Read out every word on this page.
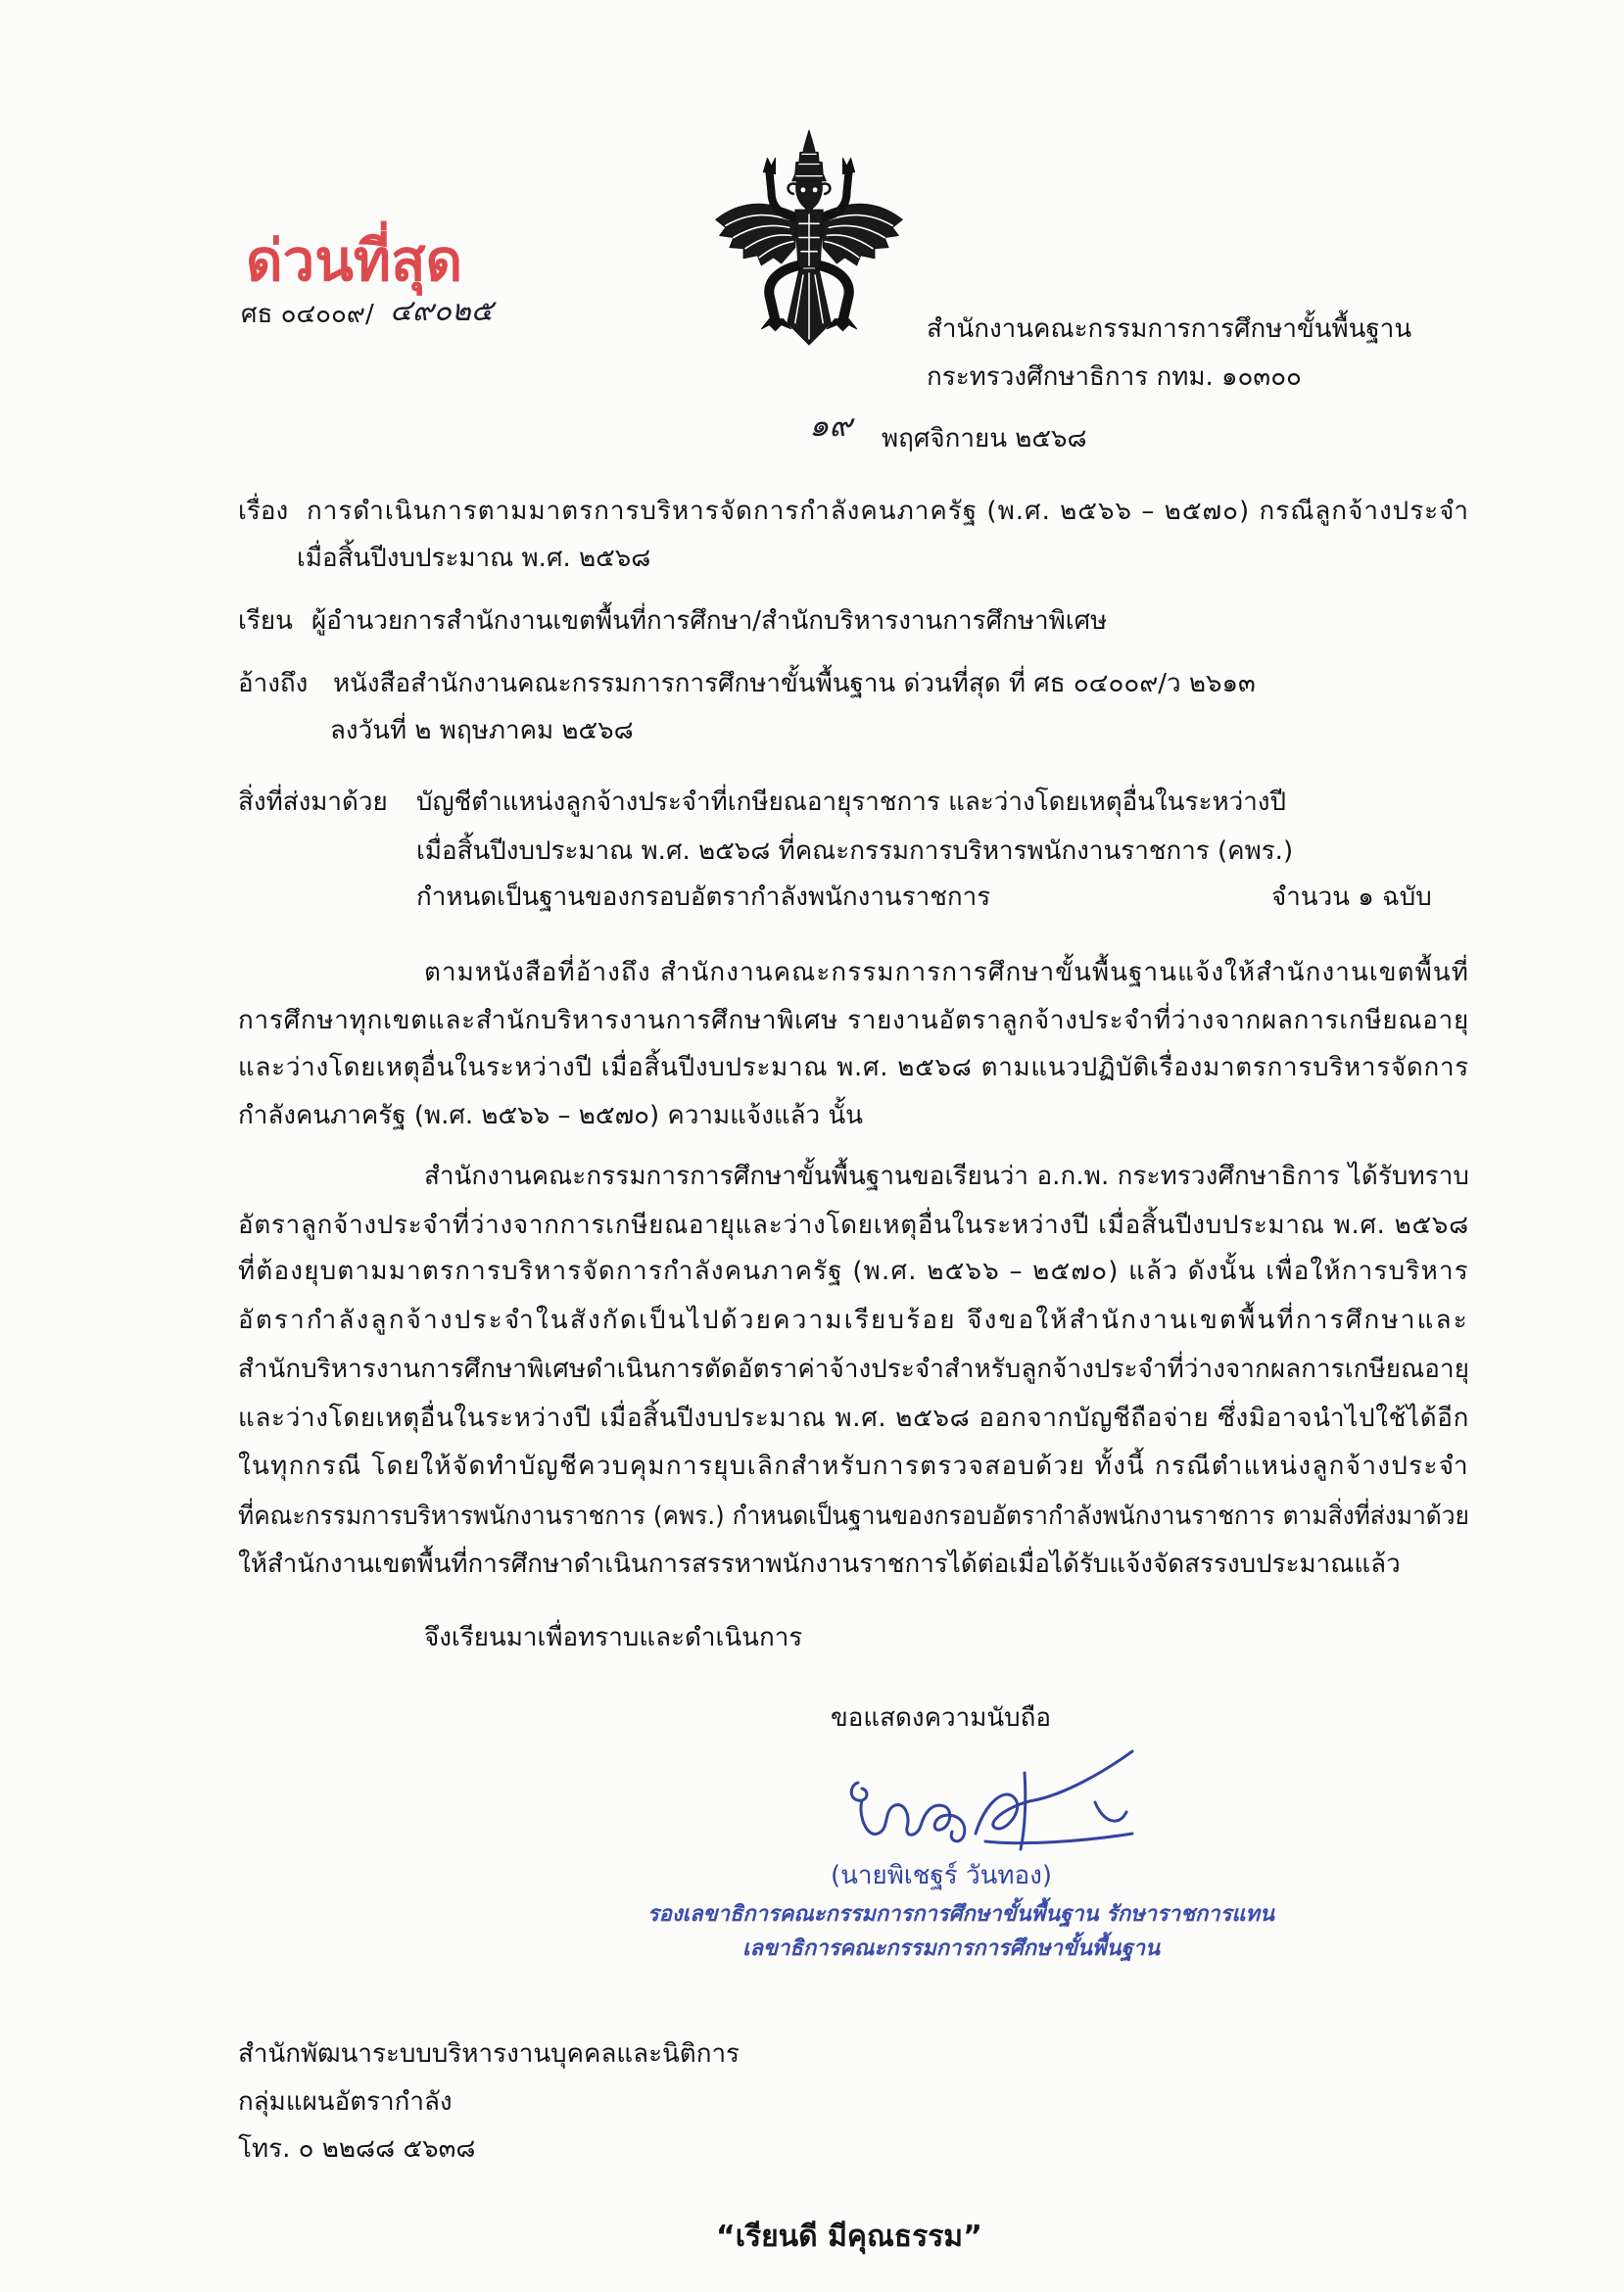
ด่วนที่สุด
ศธ ๐๔๐๐๙/ ๔๙๐๒๕
สำนักงานคณะกรรมการการศึกษาขั้นพื้นฐาน
กระทรวงศึกษาธิการ กทม. ๑๐๓๐๐
๑๙ พฤศจิกายน ๒๕๖๘
เรื่อง การดำเนินการตามมาตรการบริหารจัดการกำลังคนภาครัฐ (พ.ศ. ๒๕๖๖ – ๒๕๗๐) กรณีลูกจ้างประจำ
เมื่อสิ้นปีงบประมาณ พ.ศ. ๒๕๖๘
เรียน ผู้อำนวยการสำนักงานเขตพื้นที่การศึกษา/สำนักบริหารงานการศึกษาพิเศษ
อ้างถึง หนังสือสำนักงานคณะกรรมการการศึกษาขั้นพื้นฐาน ด่วนที่สุด ที่ ศธ ๐๔๐๐๙/ว ๒๖๑๓
ลงวันที่ ๒ พฤษภาคม ๒๕๖๘
สิ่งที่ส่งมาด้วย บัญชีตำแหน่งลูกจ้างประจำที่เกษียณอายุราชการ และว่างโดยเหตุอื่นในระหว่างปี
เมื่อสิ้นปีงบประมาณ พ.ศ. ๒๕๖๘ ที่คณะกรรมการบริหารพนักงานราชการ (คพร.)
กำหนดเป็นฐานของกรอบอัตรากำลังพนักงานราชการ	จำนวน ๑ ฉบับ
ตามหนังสือที่อ้างถึง สำนักงานคณะกรรมการการศึกษาขั้นพื้นฐานแจ้งให้สำนักงานเขตพื้นที่
การศึกษาทุกเขตและสำนักบริหารงานการศึกษาพิเศษ รายงานอัตราลูกจ้างประจำที่ว่างจากผลการเกษียณอายุ
และว่างโดยเหตุอื่นในระหว่างปี เมื่อสิ้นปีงบประมาณ พ.ศ. ๒๕๖๘ ตามแนวปฏิบัติเรื่องมาตรการบริหารจัดการ
กำลังคนภาครัฐ (พ.ศ. ๒๕๖๖ – ๒๕๗๐) ความแจ้งแล้ว นั้น
สำนักงานคณะกรรมการการศึกษาขั้นพื้นฐานขอเรียนว่า อ.ก.พ. กระทรวงศึกษาธิการ ได้รับทราบ
อัตราลูกจ้างประจำที่ว่างจากการเกษียณอายุและว่างโดยเหตุอื่นในระหว่างปี เมื่อสิ้นปีงบประมาณ พ.ศ. ๒๕๖๘
ที่ต้องยุบตามมาตรการบริหารจัดการกำลังคนภาครัฐ (พ.ศ. ๒๕๖๖ – ๒๕๗๐) แล้ว ดังนั้น เพื่อให้การบริหาร
อัตรากำลังลูกจ้างประจำในสังกัดเป็นไปด้วยความเรียบร้อย จึงขอให้สำนักงานเขตพื้นที่การศึกษาและ
สำนักบริหารงานการศึกษาพิเศษดำเนินการตัดอัตราค่าจ้างประจำสำหรับลูกจ้างประจำที่ว่างจากผลการเกษียณอายุ
และว่างโดยเหตุอื่นในระหว่างปี เมื่อสิ้นปีงบประมาณ พ.ศ. ๒๕๖๘ ออกจากบัญชีถือจ่าย ซึ่งมิอาจนำไปใช้ได้อีก
ในทุกกรณี โดยให้จัดทำบัญชีควบคุมการยุบเลิกสำหรับการตรวจสอบด้วย ทั้งนี้ กรณีตำแหน่งลูกจ้างประจำ
ที่คณะกรรมการบริหารพนักงานราชการ (คพร.) กำหนดเป็นฐานของกรอบอัตรากำลังพนักงานราชการ ตามสิ่งที่ส่งมาด้วย
ให้สำนักงานเขตพื้นที่การศึกษาดำเนินการสรรหาพนักงานราชการได้ต่อเมื่อได้รับแจ้งจัดสรรงบประมาณแล้ว
จึงเรียนมาเพื่อทราบและดำเนินการ
ขอแสดงความนับถือ
(นายพิเชฐร์ วันทอง)
รองเลขาธิการคณะกรรมการการศึกษาขั้นพื้นฐาน รักษาราชการแทน
เลขาธิการคณะกรรมการการศึกษาขั้นพื้นฐาน
สำนักพัฒนาระบบบริหารงานบุคคลและนิติการ
กลุ่มแผนอัตรากำลัง
โทร. ๐ ๒๒๘๘ ๕๖๓๘
“เรียนดี มีคุณธรรม”
